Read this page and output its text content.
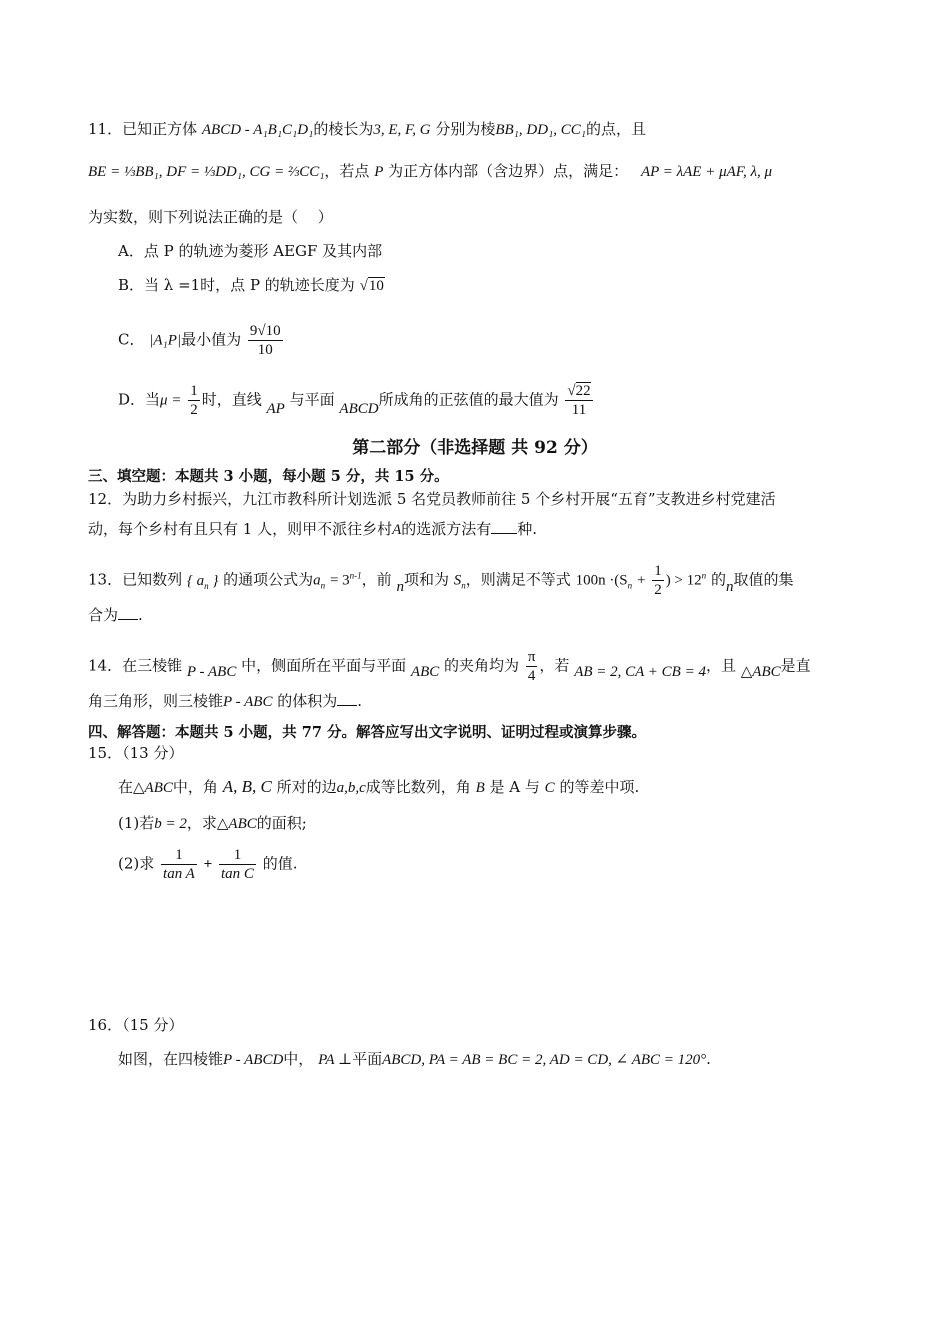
11．已知正方体 ABCD - A₁B₁C₁D₁的棱长为3, E, F, G 分别为棱BB₁, DD₁, CC₁的点，且
BE = ⅓BB₁, DF = ⅓DD₁, CG = ⅔CC₁，若点 P 为正方体内部（含边界）点，满足： AP = λAE + μAF, λ, μ
为实数，则下列说法正确的是（　 ）
A．点 P 的轨迹为菱形 AEGF 及其内部
B．当 λ =1时，点 P 的轨迹长度为 √10
C． |A₁P|最小值为 $\frac{9√10}{10}$
D．当$\mu = \frac{1}{2}$ 时，直线 AP 与平面 ABCD所成角的正弦值的最大值为 $\frac{√22}{11}$
第二部分（非选择题 共 92 分）
三、填空题：本题共 3 小题，每小题 5 分，共 15 分。
12．为助力乡村振兴，九江市教科所计划选派 5 名党员教师前往 5 个乡村开展“五育”支教进乡村党建活
动，每个乡村有且只有 1 人，则甲不派往乡村A的选派方法有 种.
13．已知数列 { $a_n$ } 的通项公式为$a_n = 3^{n-1}$，前 n项和为 $S_n$，则满足不等式 $100n \cdot(S_n + \frac{1}{2}$ ) > $12^n$ 的n取值的集
合为 .
14．在三棱锥 P - ABC 中，侧面所在平面与平面 ABC 的夹角均为 $\frac{\pi}{4}$ ，若 AB = 2, CA + CB = 4，且 △ABC是直
角三角形，则三棱锥P - ABC 的体积为 .
四、解答题：本题共 5 小题，共 77 分。解答应写出文字说明、证明过程或演算步骤。
15．（13 分）
在△ABC中，角 A, B, C 所对的边a,b,c成等比数列，角 B 是 A 与 C 的等差中项.
(1)若b = 2，求△ABC的面积;
(2)求 $\frac{1}{\text{tan A}} + \frac{1}{\text{tan C}}$ 的值.
16．（15 分）
如图，在四棱锥P - ABCD中， PA ⊥平面ABCD, PA = AB = BC = 2, AD = CD, ∠ ABC = 120°.
